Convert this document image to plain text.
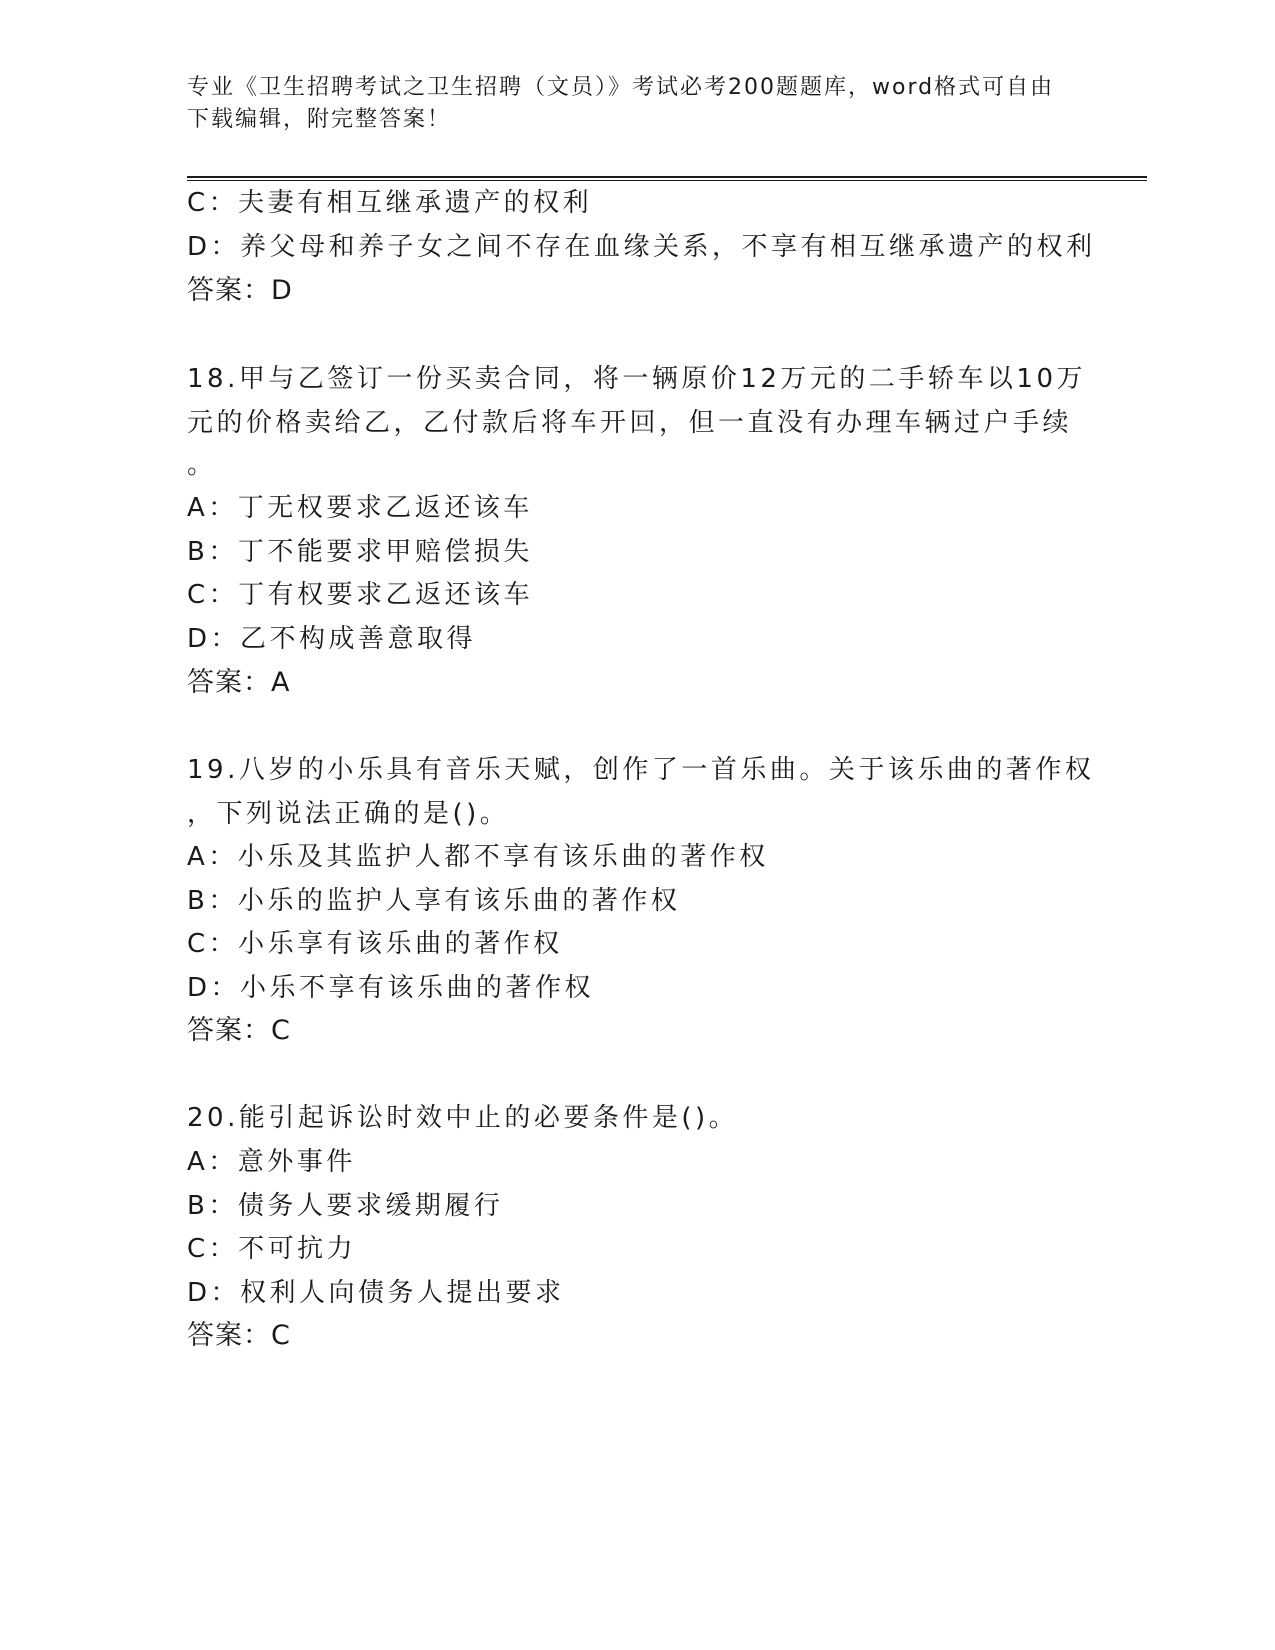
专业《卫生招聘考试之卫生招聘（文员）》考试必考200题题库，word格式可自由下载编辑，附完整答案！
C：夫妻有相互继承遗产的权利
D：养父母和养子女之间不存在血缘关系，不享有相互继承遗产的权利
答案：D
18.甲与乙签订一份买卖合同，将一辆原价12万元的二手轿车以10万
元的价格卖给乙，乙付款后将车开回，但一直没有办理车辆过户手续
。
A：丁无权要求乙返还该车
B：丁不能要求甲赔偿损失
C：丁有权要求乙返还该车
D：乙不构成善意取得
答案：A
19.八岁的小乐具有音乐天赋，创作了一首乐曲。关于该乐曲的著作权
，下列说法正确的是()。
A：小乐及其监护人都不享有该乐曲的著作权
B：小乐的监护人享有该乐曲的著作权
C：小乐享有该乐曲的著作权
D：小乐不享有该乐曲的著作权
答案：C
20.能引起诉讼时效中止的必要条件是()。
A：意外事件
B：债务人要求缓期履行
C：不可抗力
D：权利人向债务人提出要求
答案：C
